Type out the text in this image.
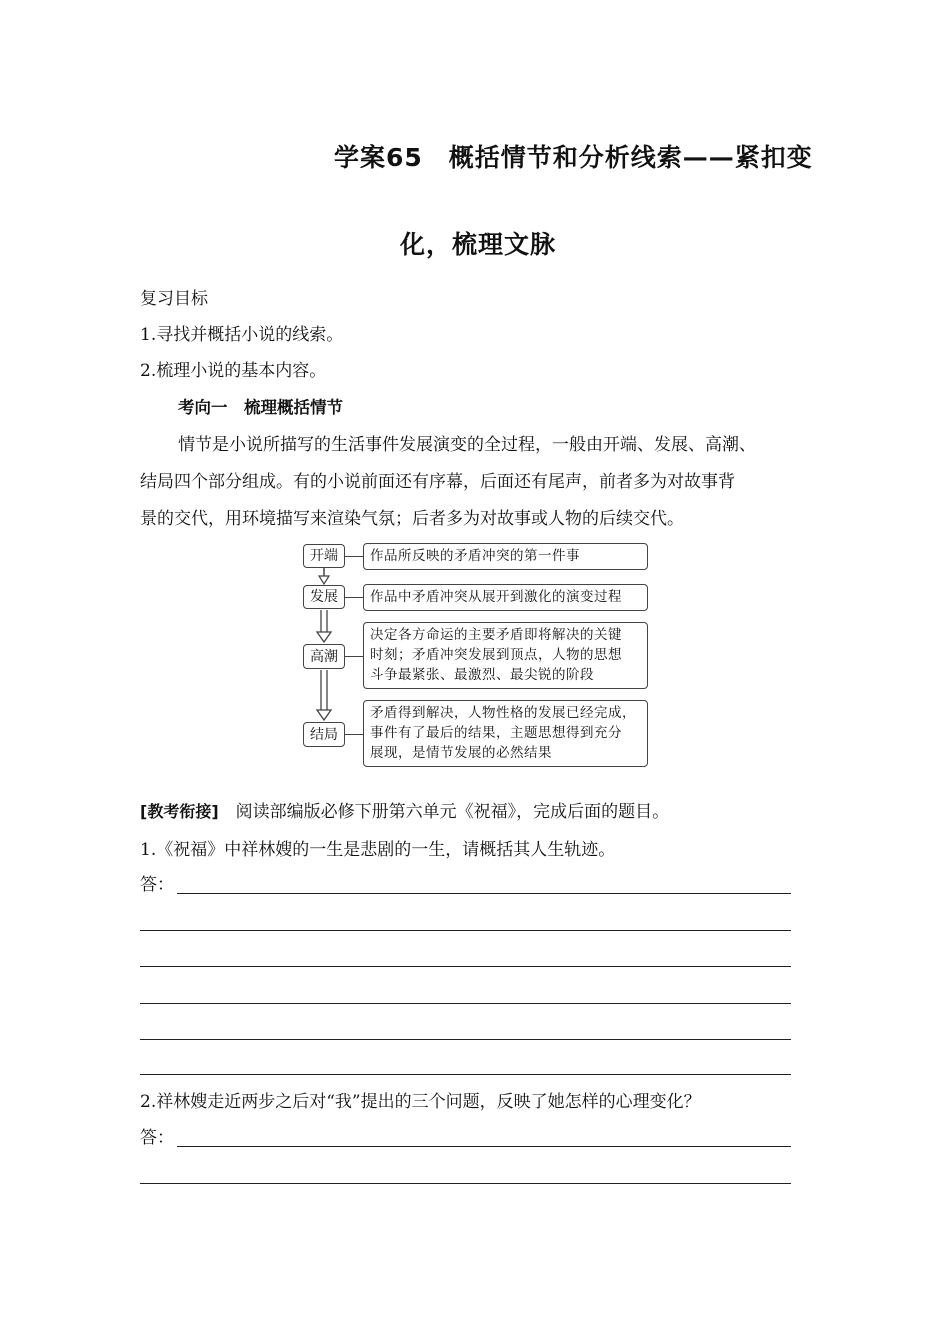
学案65　概括情节和分析线索——紧扣变
化，梳理文脉
复习目标
1.寻找并概括小说的线索。
2.梳理小说的基本内容。
考向一　梳理概括情节
情节是小说所描写的生活事件发展演变的全过程，一般由开端、发展、高潮、
结局四个部分组成。有的小说前面还有序幕，后面还有尾声，前者多为对故事背
景的交代，用环境描写来渲染气氛；后者多为对故事或人物的后续交代。
开端 作品所反映的矛盾冲突的第一件事
发展 作品中矛盾冲突从展开到激化的演变过程
高潮
决定各方命运的主要矛盾即将解决的关键
时刻；矛盾冲突发展到顶点，人物的思想
斗争最紧张、最激烈、最尖锐的阶段
结局
矛盾得到解决，人物性格的发展已经完成，
事件有了最后的结果，主题思想得到充分
展现，是情节发展的必然结果
[教考衔接]　阅读部编版必修下册第六单元《祝福》，完成后面的题目。
1.《祝福》中祥林嫂的一生是悲剧的一生，请概括其人生轨迹。
答：
2.祥林嫂走近两步之后对“我”提出的三个问题，反映了她怎样的心理变化？
答：
